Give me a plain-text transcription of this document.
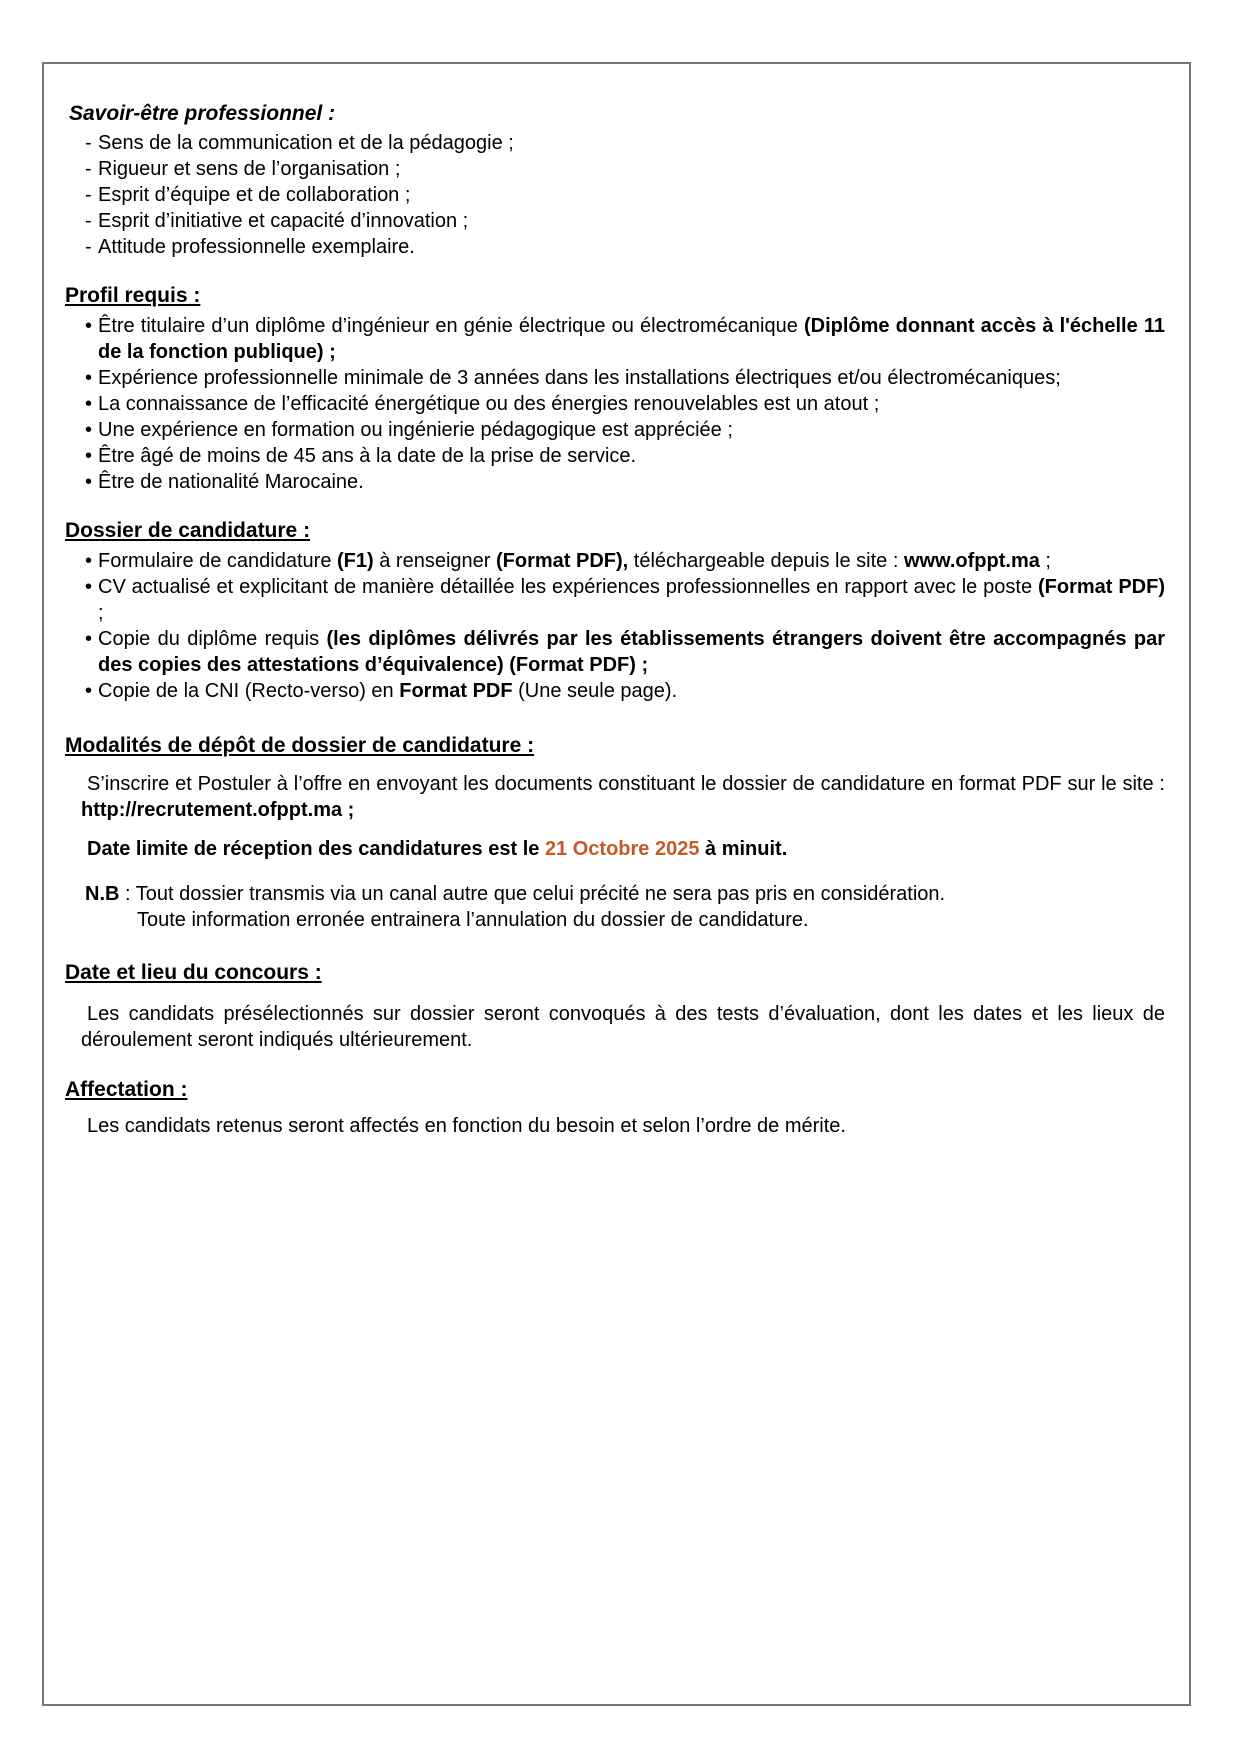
Savoir-être professionnel :
- Sens de la communication et de la pédagogie ;
- Rigueur et sens de l’organisation ;
- Esprit d’équipe et de collaboration ;
- Esprit d’initiative et capacité d’innovation ;
- Attitude professionnelle exemplaire.
Profil requis :
• Être titulaire d’un diplôme d’ingénieur en génie électrique ou électromécanique (Diplôme donnant accès à l'échelle 11 de la fonction publique) ;
• Expérience professionnelle minimale de 3 années dans les installations électriques et/ou électromécaniques;
• La connaissance de l’efficacité énergétique ou des énergies renouvelables est un atout ;
• Une expérience en formation ou ingénierie pédagogique est appréciée ;
• Être âgé de moins de 45 ans à la date de la prise de service.
• Être de nationalité Marocaine.
Dossier de candidature :
• Formulaire de candidature (F1) à renseigner (Format PDF), téléchargeable depuis le site : www.ofppt.ma ;
• CV actualisé et explicitant de manière détaillée les expériences professionnelles en rapport avec le poste (Format PDF) ;
• Copie du diplôme requis (les diplômes délivrés par les établissements étrangers doivent être accompagnés par des copies des attestations d’équivalence) (Format PDF) ;
• Copie de la CNI (Recto-verso) en Format PDF (Une seule page).
Modalités de dépôt de dossier de candidature :

S’inscrire et Postuler à l’offre en envoyant les documents constituant le dossier de candidature en format PDF sur le site : http://recrutement.ofppt.ma ;

Date limite de réception des candidatures est le 21 Octobre 2025 à minuit.

N.B : Tout dossier transmis via un canal autre que celui précité ne sera pas pris en considération.

Toute information erronée entrainera l’annulation du dossier de candidature.

Date et lieu du concours :

Les candidats présélectionnés sur dossier seront convoqués à des tests d’évaluation, dont les dates et les lieux de déroulement seront indiqués ultérieurement.

Affectation :

Les candidats retenus seront affectés en fonction du besoin et selon l’ordre de mérite.
